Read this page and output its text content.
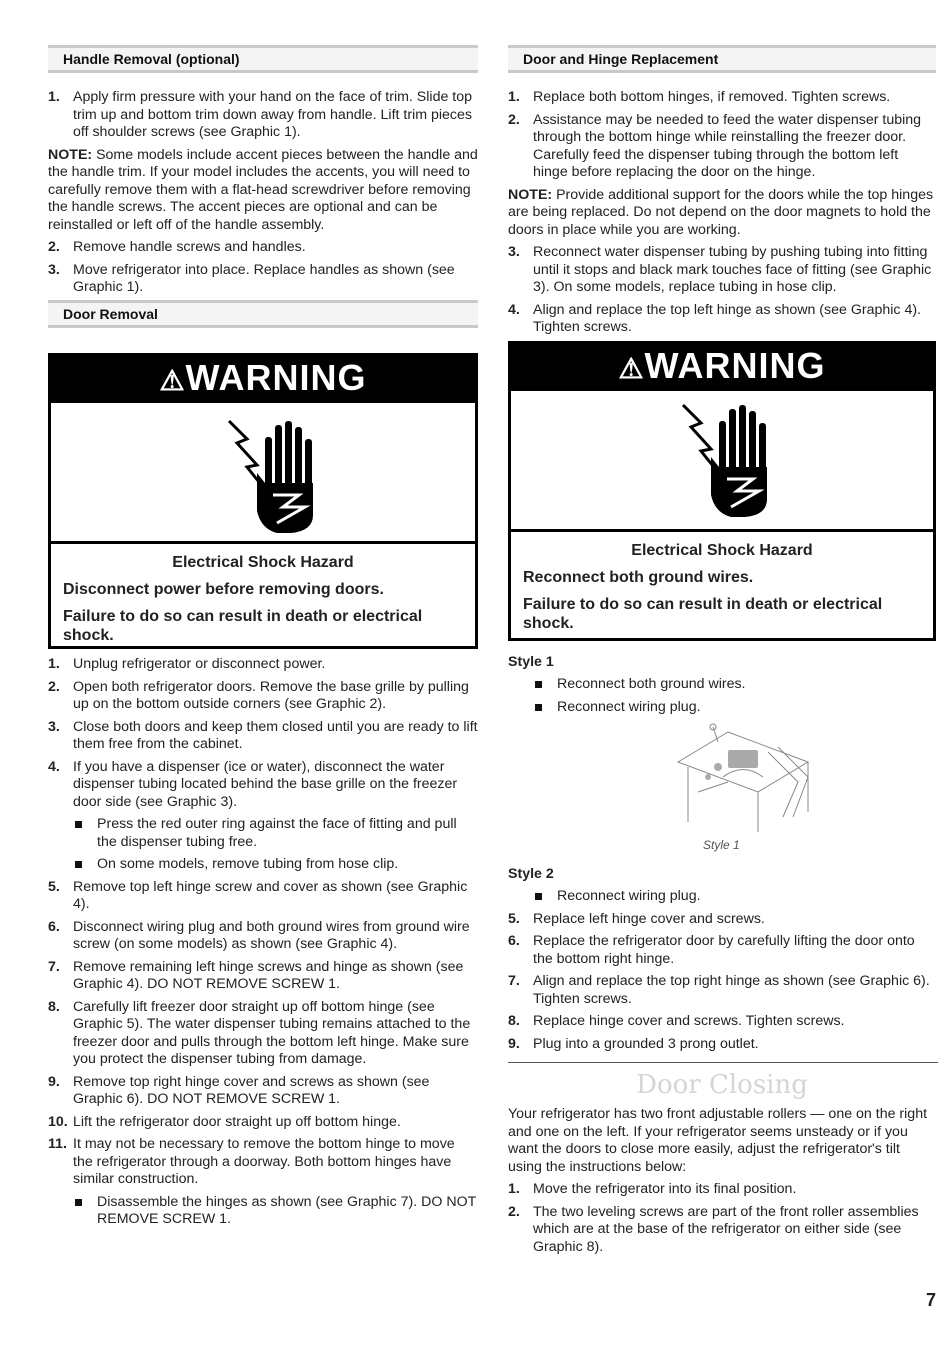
Handle Removal (optional)
1. Apply firm pressure with your hand on the face of trim. Slide top trim up and bottom trim down away from handle. Lift trim pieces off shoulder screws (see Graphic 1).

NOTE: Some models include accent pieces between the handle and the handle trim. If your model includes the accents, you will need to carefully remove them with a flat-head screwdriver before removing the handle screws. The accent pieces are optional and can be reinstalled or left off of the handle assembly.

2. Remove handle screws and handles.
3. Move refrigerator into place. Replace handles as shown (see Graphic 1).
Door Removal
⚠WARNING

Electrical Shock Hazard

Disconnect power before removing doors.

Failure to do so can result in death or electrical shock.

1. Unplug refrigerator or disconnect power.
2. Open both refrigerator doors. Remove the base grille by pulling up on the bottom outside corners (see Graphic 2).
3. Close both doors and keep them closed until you are ready to lift them free from the cabinet.
4. If you have a dispenser (ice or water), disconnect the water dispenser tubing located behind the base grille on the freezer door side (see Graphic 3).
Press the red outer ring against the face of fitting and pull the dispenser tubing free.
On some models, remove tubing from hose clip.
5. Remove top left hinge screw and cover as shown (see Graphic 4).
6. Disconnect wiring plug and both ground wires from ground wire screw (on some models) as shown (see Graphic 4).
7. Remove remaining left hinge screws and hinge as shown (see Graphic 4). DO NOT REMOVE SCREW 1.
8. Carefully lift freezer door straight up off bottom hinge (see Graphic 5). The water dispenser tubing remains attached to the freezer door and pulls through the bottom left hinge. Make sure you protect the dispenser tubing from damage.
9. Remove top right hinge cover and screws as shown (see Graphic 6). DO NOT REMOVE SCREW 1.
10. Lift the refrigerator door straight up off bottom hinge.
11. It may not be necessary to remove the bottom hinge to move the refrigerator through a doorway. Both bottom hinges have similar construction.
Disassemble the hinges as shown (see Graphic 7). DO NOT REMOVE SCREW 1.
Door and Hinge Replacement
1. Replace both bottom hinges, if removed. Tighten screws.
2. Assistance may be needed to feed the water dispenser tubing through the bottom hinge while reinstalling the freezer door. Carefully feed the dispenser tubing through the bottom left hinge before replacing the door on the hinge.

NOTE: Provide additional support for the doors while the top hinges are being replaced. Do not depend on the door magnets to hold the doors in place while you are working.

3. Reconnect water dispenser tubing by pushing tubing into fitting until it stops and black mark touches face of fitting (see Graphic 3). On some models, replace tubing in hose clip.
4. Align and replace the top left hinge as shown (see Graphic 4). Tighten screws.
⚠WARNING

Electrical Shock Hazard

Reconnect both ground wires.

Failure to do so can result in death or electrical shock.

Style 1
Reconnect both ground wires.
Reconnect wiring plug.
Style 1
Style 2
Reconnect wiring plug.
5. Replace left hinge cover and screws.
6. Replace the refrigerator door by carefully lifting the door onto the bottom right hinge.
7. Align and replace the top right hinge as shown (see Graphic 6). Tighten screws.
8. Replace hinge cover and screws. Tighten screws.
9. Plug into a grounded 3 prong outlet.
Door Closing

Your refrigerator has two front adjustable rollers — one on the right and one on the left. If your refrigerator seems unsteady or if you want the doors to close more easily, adjust the refrigerator's tilt using the instructions below:

1. Move the refrigerator into its final position.
2. The two leveling screws are part of the front roller assemblies which are at the base of the refrigerator on either side (see Graphic 8).
7
